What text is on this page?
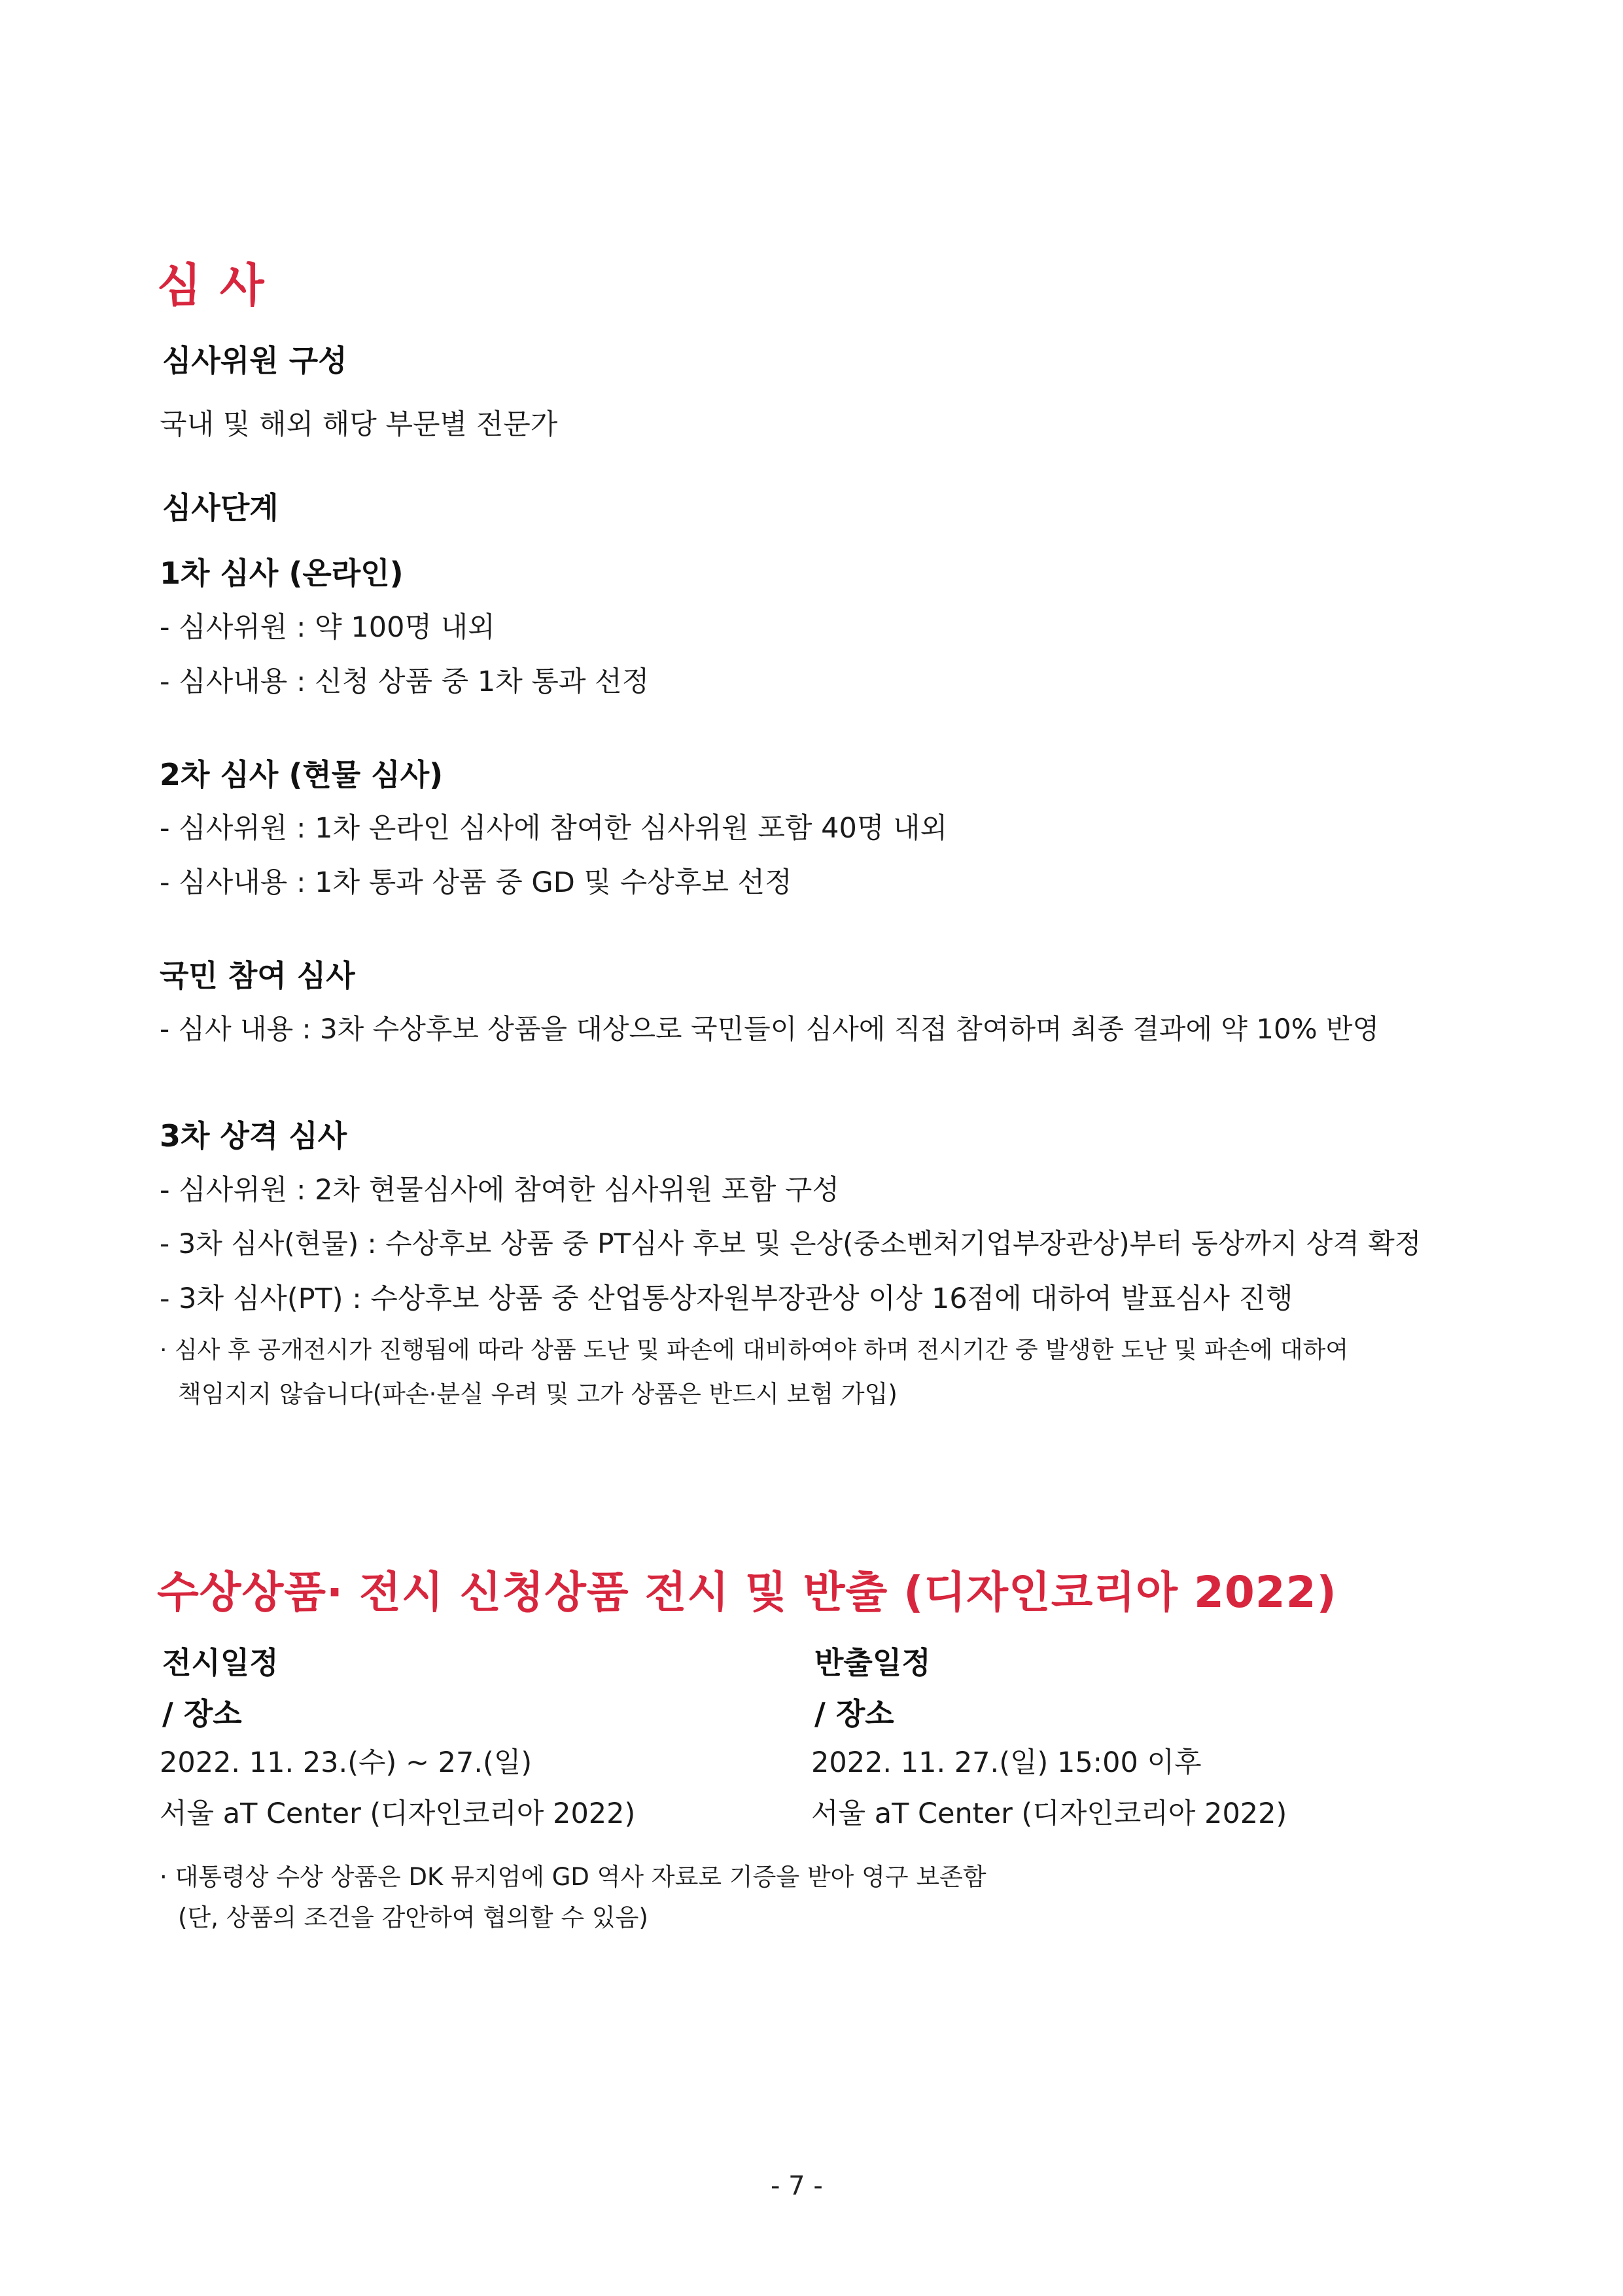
심 사
심사위원 구성
국내 및 해외 해당 부문별 전문가
심사단계
1차 심사 (온라인)
- 심사위원 : 약 100명 내외
- 심사내용 : 신청 상품 중 1차 통과 선정
2차 심사 (현물 심사)
- 심사위원 : 1차 온라인 심사에 참여한 심사위원 포함 40명 내외
- 심사내용 : 1차 통과 상품 중 GD 및 수상후보 선정
국민 참여 심사
- 심사 내용 : 3차 수상후보 상품을 대상으로 국민들이 심사에 직접 참여하며 최종 결과에 약 10% 반영
3차 상격 심사
- 심사위원 : 2차 현물심사에 참여한 심사위원 포함 구성
- 3차 심사(현물) : 수상후보 상품 중 PT심사 후보 및 은상(중소벤처기업부장관상)부터 동상까지 상격 확정
- 3차 심사(PT) : 수상후보 상품 중 산업통상자원부장관상 이상 16점에 대하여 발표심사 진행
· 심사 후 공개전시가 진행됨에 따라 상품 도난 및 파손에 대비하여야 하며 전시기간 중 발생한 도난 및 파손에 대하여
책임지지 않습니다(파손·분실 우려 및 고가 상품은 반드시 보험 가입)
수상상품· 전시 신청상품 전시 및 반출 (디자인코리아 2022)
전시일정
/ 장소
2022. 11. 23.(수) ~ 27.(일)
서울 aT Center (디자인코리아 2022)
반출일정
/ 장소
2022. 11. 27.(일) 15:00 이후
서울 aT Center (디자인코리아 2022)
· 대통령상 수상 상품은 DK 뮤지엄에 GD 역사 자료로 기증을 받아 영구 보존함
(단, 상품의 조건을 감안하여 협의할 수 있음)
- 7 -
